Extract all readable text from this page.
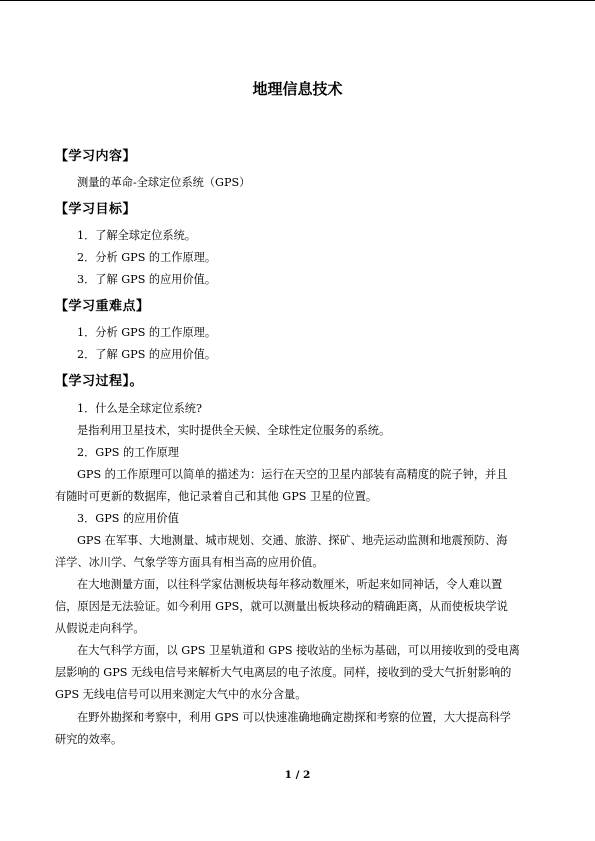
地理信息技术
【学习内容】
测量的革命-全球定位系统（GPS）
【学习目标】
1．了解全球定位系统。
2．分析 GPS 的工作原理。
3．了解 GPS 的应用价值。
【学习重难点】
1．分析 GPS 的工作原理。
2．了解 GPS 的应用价值。
【学习过程】。
1．什么是全球定位系统?
是指利用卫星技术，实时提供全天候、全球性定位服务的系统。
2．GPS 的工作原理
GPS 的工作原理可以简单的描述为：运行在天空的卫星内部装有高精度的院子钟，并且
有随时可更新的数据库，他记录着自己和其他 GPS 卫星的位置。
3．GPS 的应用价值
GPS 在军事、大地测量、城市规划、交通、旅游、探矿、地壳运动监测和地震预防、海
洋学、冰川学、气象学等方面具有相当高的应用价值。
在大地测量方面，以往科学家估测板块每年移动数厘米，听起来如同神话，令人难以置
信，原因是无法验证。如今利用 GPS，就可以测量出板块移动的精确距离，从而使板块学说
从假说走向科学。
在大气科学方面，以 GPS 卫星轨道和 GPS 接收站的坐标为基础，可以用接收到的受电离
层影响的 GPS 无线电信号来解析大气电离层的电子浓度。同样，接收到的受大气折射影响的
GPS 无线电信号可以用来测定大气中的水分含量。
在野外勘探和考察中，利用 GPS 可以快速准确地确定勘探和考察的位置，大大提高科学
研究的效率。
1 / 2
